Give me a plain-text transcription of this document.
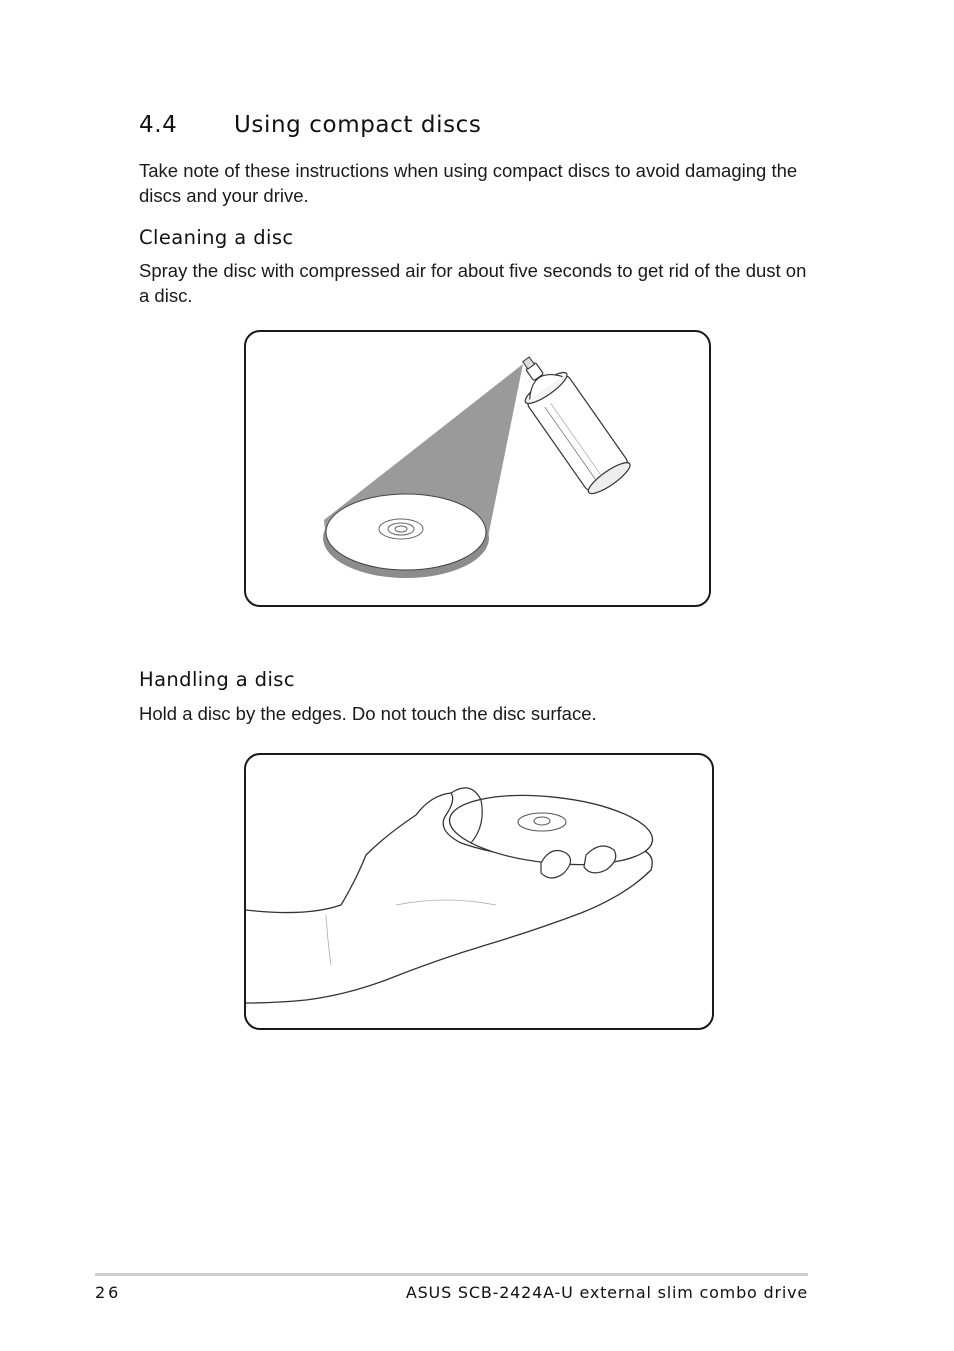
4.4 Using compact discs

Take note of these instructions when using compact discs to avoid damaging the discs and your drive.

Cleaning a disc

Spray the disc with compressed air for about five seconds to get rid of the dust on a disc.

Handling a disc

Hold a disc by the edges. Do not touch the disc surface.

26	ASUS SCB-2424A-U external slim combo drive
